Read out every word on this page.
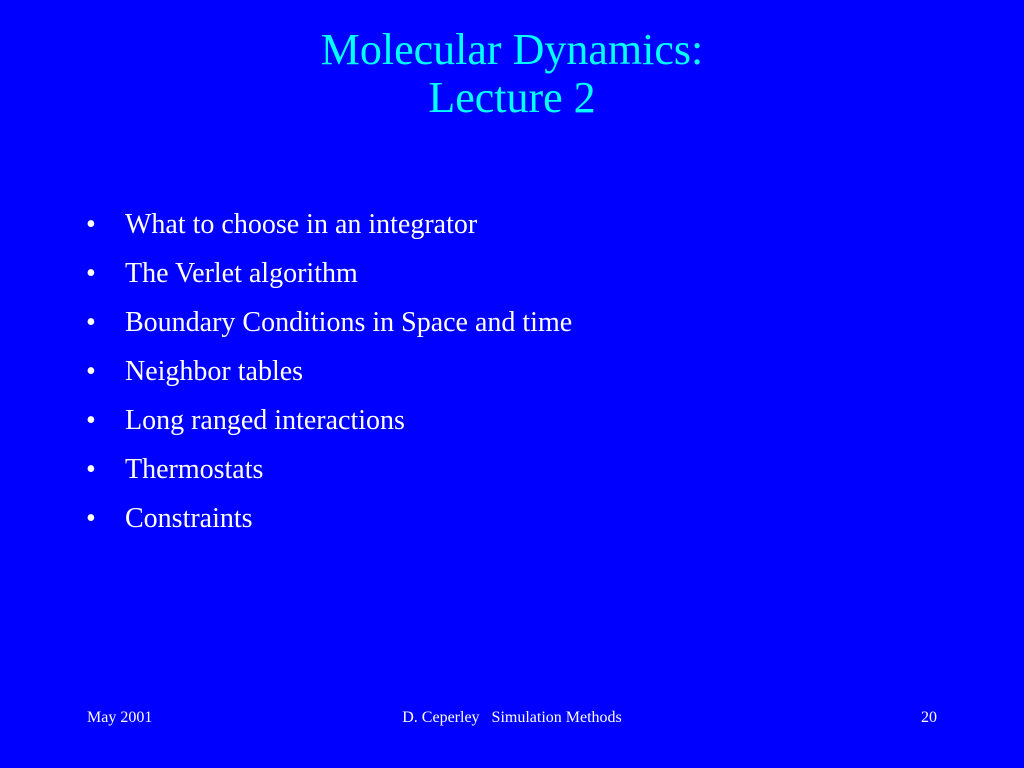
Molecular Dynamics:
Lecture 2
•	What to choose in an integrator
•	The Verlet algorithm
•	Boundary Conditions in Space and time
•	Neighbor tables
•	Long ranged interactions
•	Thermostats
•	Constraints
May 2001	D. Ceperley   Simulation Methods	20
